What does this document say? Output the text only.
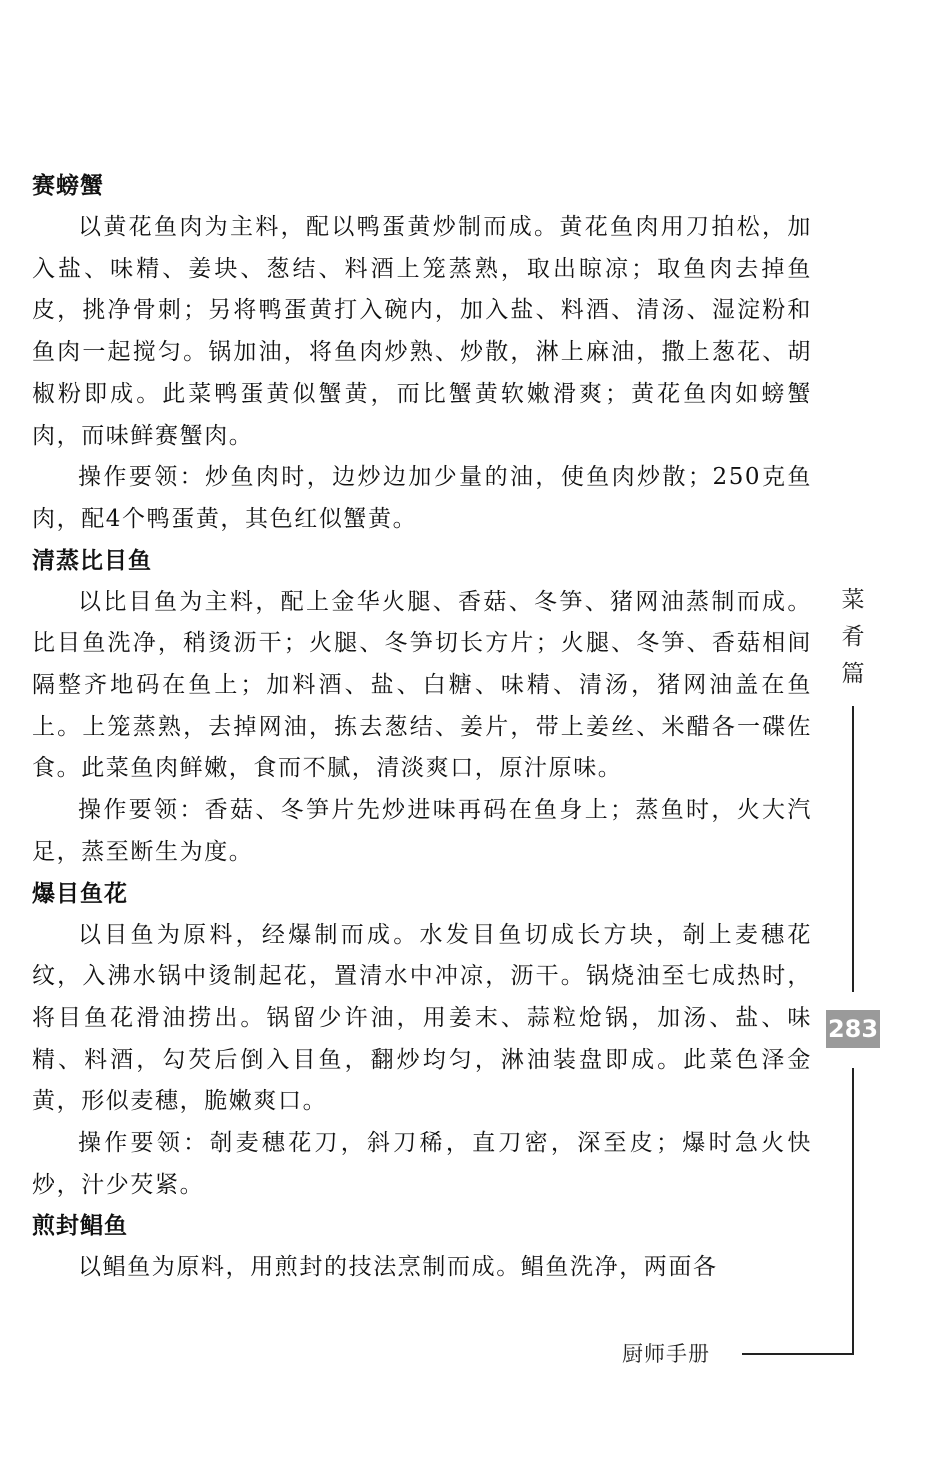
赛螃蟹

以黄花鱼肉为主料，配以鸭蛋黄炒制而成。黄花鱼肉用刀拍松，加入盐、味精、姜块、葱结、料酒上笼蒸熟，取出晾凉；取鱼肉去掉鱼皮，挑净骨刺；另将鸭蛋黄打入碗内，加入盐、料酒、清汤、湿淀粉和鱼肉一起搅匀。锅加油，将鱼肉炒熟、炒散，淋上麻油，撒上葱花、胡椒粉即成。此菜鸭蛋黄似蟹黄，而比蟹黄软嫩滑爽；黄花鱼肉如螃蟹肉，而味鲜赛蟹肉。

操作要领：炒鱼肉时，边炒边加少量的油，使鱼肉炒散；250克鱼肉，配4个鸭蛋黄，其色红似蟹黄。

清蒸比目鱼

以比目鱼为主料，配上金华火腿、香菇、冬笋、猪网油蒸制而成。比目鱼洗净，稍烫沥干；火腿、冬笋切长方片；火腿、冬笋、香菇相间隔整齐地码在鱼上；加料酒、盐、白糖、味精、清汤，猪网油盖在鱼上。上笼蒸熟，去掉网油，拣去葱结、姜片，带上姜丝、米醋各一碟佐食。此菜鱼肉鲜嫩，食而不腻，清淡爽口，原汁原味。

操作要领：香菇、冬笋片先炒进味再码在鱼身上；蒸鱼时，火大汽足，蒸至断生为度。

爆目鱼花

以目鱼为原料，经爆制而成。水发目鱼切成长方块，剞上麦穗花纹，入沸水锅中烫制起花，置清水中冲凉，沥干。锅烧油至七成热时，将目鱼花滑油捞出。锅留少许油，用姜末、蒜粒炝锅，加汤、盐、味精、料酒，勾芡后倒入目鱼，翻炒均匀，淋油装盘即成。此菜色泽金黄，形似麦穗，脆嫩爽口。

操作要领：剞麦穗花刀，斜刀稀，直刀密，深至皮；爆时急火快炒，汁少芡紧。

煎封鲳鱼

以鲳鱼为原料，用煎封的技法烹制而成。鲳鱼洗净，两面各

菜
肴
篇
283
厨师手册
